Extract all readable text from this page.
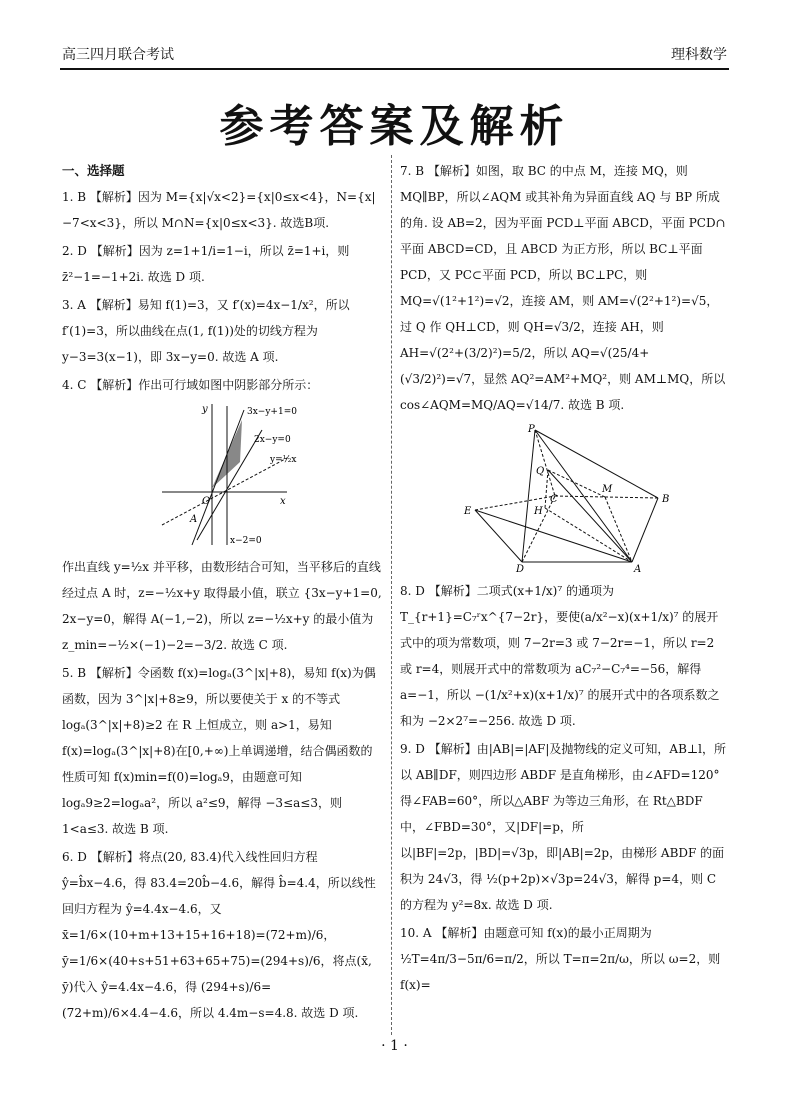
高三四月联合考试	理科数学
参考答案及解析
一、选择题

1. B 【解析】因为 M={x|√x<2}={x|0≤x<4}，N={x|−7<x<3}，所以 M∩N={x|0≤x<3}. 故选B项.

2. D 【解析】因为 z=1+1/i=1−i，所以 z̄=1+i，则 z̄²−1=−1+2i. 故选 D 项.

3. A 【解析】易知 f(1)=3，又 f′(x)=4x−1/x²，所以 f′(1)=3，所以曲线在点(1, f(1))处的切线方程为 y−3=3(x−1)，即 3x−y=0. 故选 A 项.

4. C 【解析】作出可行域如图中阴影部分所示：

3x−y+1=0
2x−y=0
y=½x
x−2=0
x
y
O
A

作出直线 y=½x 并平移，由数形结合可知，当平移后的直线经过点 A 时，z=−½x+y 取得最小值，联立 {3x−y+1=0, 2x−y=0，解得 A(−1,−2)，所以 z=−½x+y 的最小值为 z_min=−½×(−1)−2=−3/2. 故选 C 项.

5. B 【解析】令函数 f(x)=logₐ(3^|x|+8)，易知 f(x)为偶函数，因为 3^|x|+8≥9，所以要使关于 x 的不等式 logₐ(3^|x|+8)≥2 在 R 上恒成立，则 a>1，易知 f(x)=logₐ(3^|x|+8)在[0,+∞)上单调递增，结合偶函数的性质可知 f(x)min=f(0)=logₐ9，由题意可知 logₐ9≥2=logₐa²，所以 a²≤9，解得 −3≤a≤3，则 1<a≤3. 故选 B 项.

6. D 【解析】将点(20, 83.4)代入线性回归方程 ŷ=b̂x−4.6，得 83.4=20b̂−4.6，解得 b̂=4.4，所以线性回归方程为 ŷ=4.4x−4.6，又 x̄=1/6×(10+m+13+15+16+18)=(72+m)/6，ȳ=1/6×(40+s+51+63+65+75)=(294+s)/6，将点(x̄, ȳ)代入 ŷ=4.4x−4.6，得 (294+s)/6=(72+m)/6×4.4−4.6，所以 4.4m−s=4.8. 故选 D 项.

7. B 【解析】如图，取 BC 的中点 M，连接 MQ，则 MQ∥BP，所以∠AQM 或其补角为异面直线 AQ 与 BP 所成的角. 设 AB=2，因为平面 PCD⊥平面 ABCD，平面 PCD∩平面 ABCD=CD，且 ABCD 为正方形，所以 BC⊥平面 PCD，又 PC⊂平面 PCD，所以 BC⊥PC，则 MQ=√(1²+1²)=√2，连接 AM，则 AM=√(2²+1²)=√5，过 Q 作 QH⊥CD，则 QH=√3/2，连接 AH，则 AH=√(2²+(3/2)²)=5/2，所以 AQ=√(25/4+(√3/2)²)=√7，显然 AQ²=AM²+MQ²，则 AM⊥MQ，所以 cos∠AQM=MQ/AQ=√14/7. 故选 B 项.

P
Q
M
B
C
E	H
D	A

8. D 【解析】二项式(x+1/x)⁷ 的通项为 T_{r+1}=C₇ʳx^{7−2r}，要使(a/x²−x)(x+1/x)⁷ 的展开式中的项为常数项，则 7−2r=3 或 7−2r=−1，所以 r=2 或 r=4，则展开式中的常数项为 aC₇²−C₇⁴=−56，解得 a=−1，所以 −(1/x²+x)(x+1/x)⁷ 的展开式中的各项系数之和为 −2×2⁷=−256. 故选 D 项.

9. D 【解析】由|AB|=|AF|及抛物线的定义可知，AB⊥l，所以 AB∥DF，则四边形 ABDF 是直角梯形，由∠AFD=120°得∠FAB=60°，所以△ABF 为等边三角形，在 Rt△BDF 中，∠FBD=30°，又|DF|=p，所以|BF|=2p，|BD|=√3p，即|AB|=2p，由梯形 ABDF 的面积为 24√3，得 ½(p+2p)×√3p=24√3，解得 p=4，则 C 的方程为 y²=8x. 故选 D 项.

10. A 【解析】由题意可知 f(x)的最小正周期为 ½T=4π/3−5π/6=π/2，所以 T=π=2π/ω，所以 ω=2，则 f(x)=

· 1 ·
